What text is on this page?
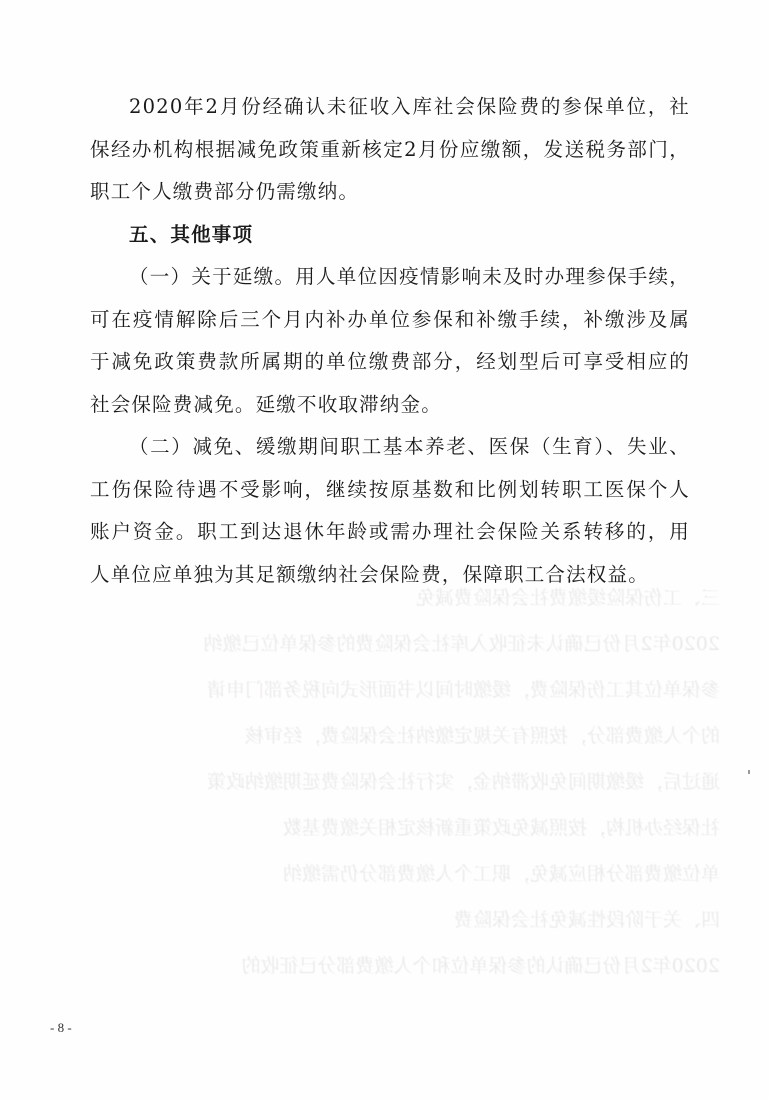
三、工伤保险缓缴费社会保险费减免
2020年2月份已确认未征收入库社会保险费的参保单位已缴纳
参保单位其工伤保险费，缓缴时间以书面形式向税务部门申请
的个人缴费部分，按照有关规定缴纳社会保险费，经审核
通过后，缓缴期间免收滞纳金，实行社会保险费延期缴纳政策
社保经办机构，按照减免政策重新核定相关缴费基数
单位缴费部分相应减免，职工个人缴费部分仍需缴纳
四、关于阶段性减免社会保险费
2020年2月份已确认的参保单位和个人缴费部分已征收的

2020年2月份经确认未征收入库社会保险费的参保单位，社保经办机构根据减免政策重新核定2月份应缴额，发送税务部门，职工个人缴费部分仍需缴纳。

五、其他事项

（一）关于延缴。用人单位因疫情影响未及时办理参保手续，可在疫情解除后三个月内补办单位参保和补缴手续，补缴涉及属于减免政策费款所属期的单位缴费部分，经划型后可享受相应的社会保险费减免。延缴不收取滞纳金。

（二）减免、缓缴期间职工基本养老、医保（生育）、失业、工伤保险待遇不受影响，继续按原基数和比例划转职工医保个人账户资金。职工到达退休年龄或需办理社会保险关系转移的，用人单位应单独为其足额缴纳社会保险费，保障职工合法权益。

- 8 -
